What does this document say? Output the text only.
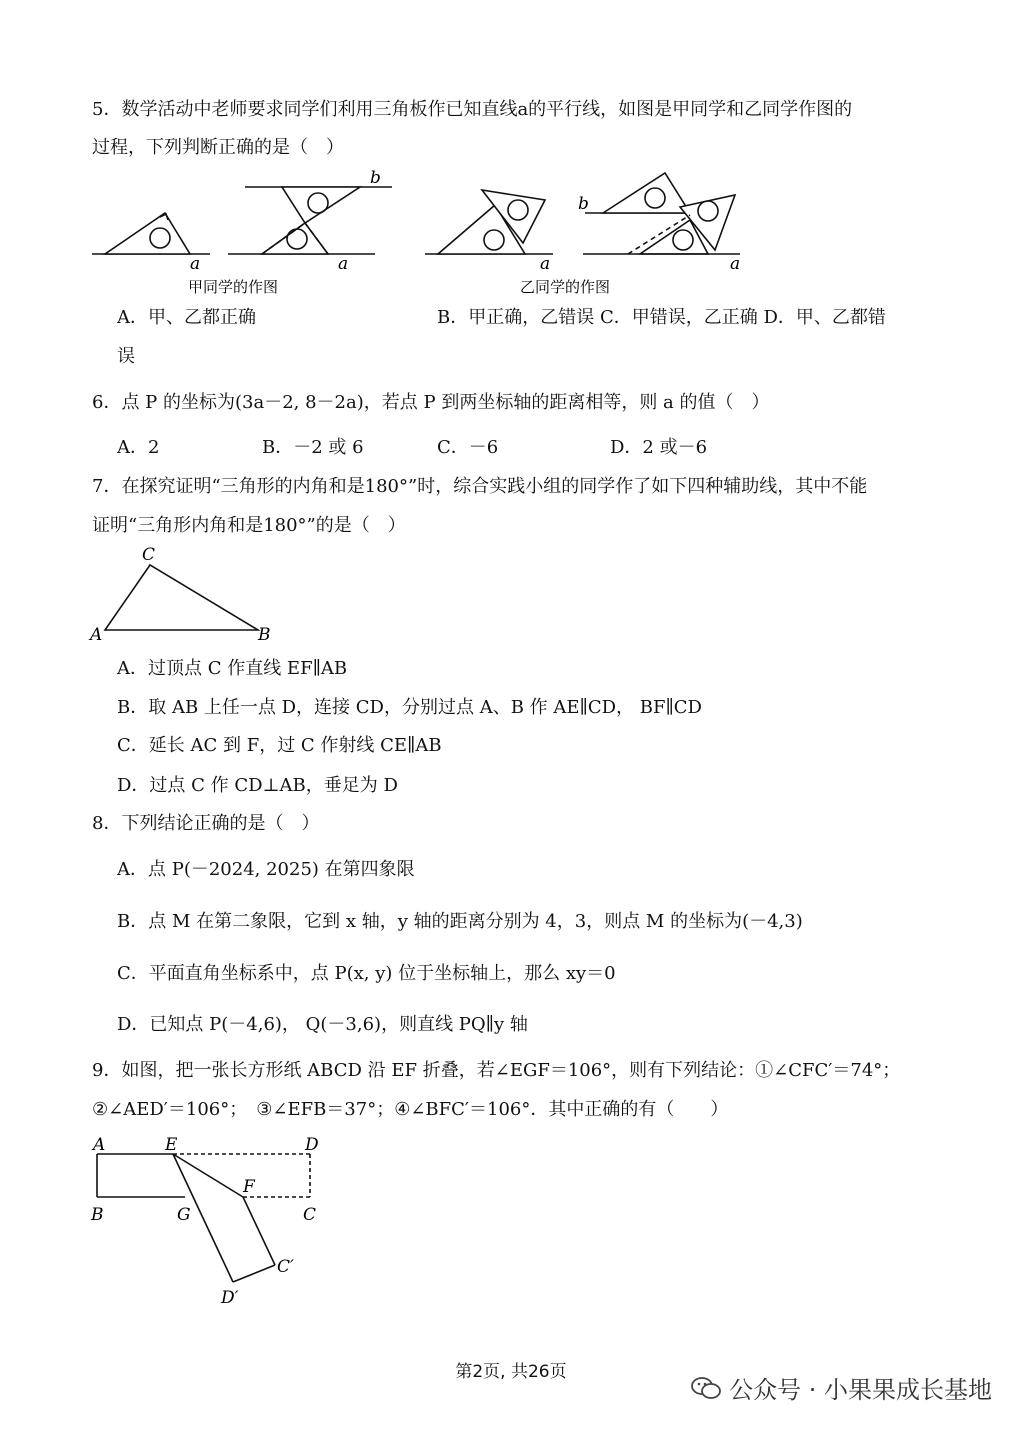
5．数学活动中老师要求同学们利用三角板作已知直线a的平行线，如图是甲同学和乙同学作图的
过程，下列判断正确的是（　）
a	a
b
a
b
a
甲同学的作图	乙同学的作图
A．甲、乙都正确	B．甲正确，乙错误 C．甲错误，乙正确 D．甲、乙都错
误
6．点 P 的坐标为(3a－2, 8－2a)，若点 P 到两坐标轴的距离相等，则 a 的值（　）
A．2	B．－2 或 6	C．－6	D．2 或－6
7．在探究证明“三角形的内角和是180°”时，综合实践小组的同学作了如下四种辅助线，其中不能
证明“三角形内角和是180°”的是（　）
C
A	B
A．过顶点 C 作直线 EF∥AB
B．取 AB 上任一点 D，连接 CD，分别过点 A、B 作 AE∥CD， BF∥CD
C．延长 AC 到 F，过 C 作射线 CE∥AB
D．过点 C 作 CD⊥AB，垂足为 D
8．下列结论正确的是（　）
A．点 P(－2024, 2025) 在第四象限
B．点 M 在第二象限，它到 x 轴，y 轴的距离分别为 4，3，则点 M 的坐标为(－4,3)
C．平面直角坐标系中，点 P(x, y) 位于坐标轴上，那么 xy＝0
D．已知点 P(－4,6)， Q(－3,6)，则直线 PQ∥y 轴
9．如图，把一张长方形纸 ABCD 沿 EF 折叠，若∠EGF＝106°，则有下列结论：①∠CFC′＝74°；
②∠AED′＝106°；　③∠EFB＝37°；④∠BFC′＝106°．其中正确的有（　　）
A	E	D
F
B	G	C
C′
D′
第2页, 共26页
公众号 · 小果果成长基地
